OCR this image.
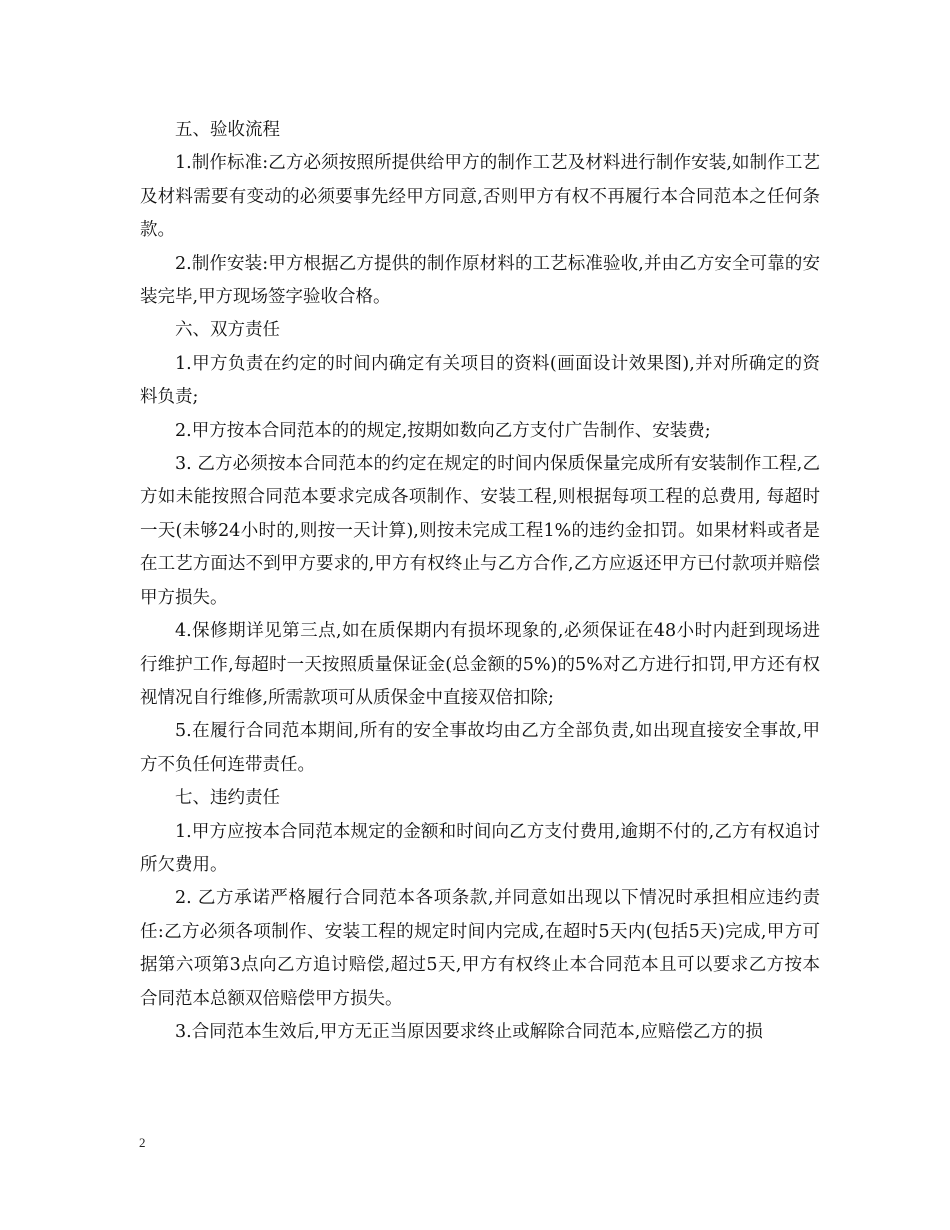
五、验收流程

1.制作标准:乙方必须按照所提供给甲方的制作工艺及材料进行制作安装,如制作工艺及材料需要有变动的必须要事先经甲方同意,否则甲方有权不再履行本合同范本之任何条款。

2.制作安装:甲方根据乙方提供的制作原材料的工艺标准验收,并由乙方安全可靠的安装完毕,甲方现场签字验收合格。

六、双方责任

1.甲方负责在约定的时间内确定有关项目的资料(画面设计效果图),并对所确定的资料负责;

2.甲方按本合同范本的的规定,按期如数向乙方支付广告制作、安装费;

3. 乙方必须按本合同范本的约定在规定的时间内保质保量完成所有安装制作工程,乙方如未能按照合同范本要求完成各项制作、安装工程,则根据每项工程的总费用, 每超时一天(未够24小时的,则按一天计算),则按未完成工程1%的违约金扣罚。如果材料或者是在工艺方面达不到甲方要求的,甲方有权终止与乙方合作,乙方应返还甲方已付款项并赔偿甲方损失。

4.保修期详见第三点,如在质保期内有损坏现象的,必须保证在48小时内赶到现场进行维护工作,每超时一天按照质量保证金(总金额的5%)的5%对乙方进行扣罚,甲方还有权视情况自行维修,所需款项可从质保金中直接双倍扣除;

5.在履行合同范本期间,所有的安全事故均由乙方全部负责,如出现直接安全事故,甲方不负任何连带责任。

七、违约责任

1.甲方应按本合同范本规定的金额和时间向乙方支付费用,逾期不付的,乙方有权追讨所欠费用。

2. 乙方承诺严格履行合同范本各项条款,并同意如出现以下情况时承担相应违约责任:乙方必须各项制作、安装工程的规定时间内完成,在超时5天内(包括5天)完成,甲方可据第六项第3点向乙方追讨赔偿,超过5天,甲方有权终止本合同范本且可以要求乙方按本合同范本总额双倍赔偿甲方损失。

3.合同范本生效后,甲方无正当原因要求终止或解除合同范本,应赔偿乙方的损

2
